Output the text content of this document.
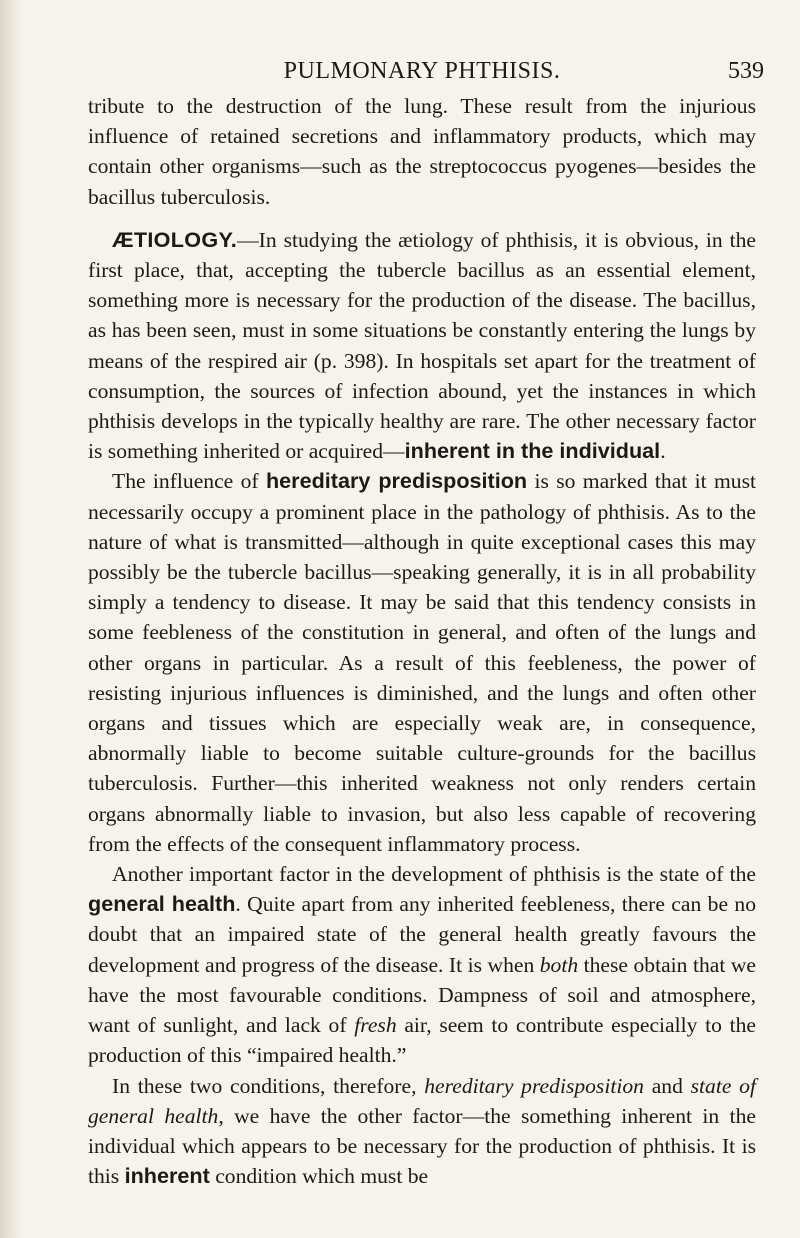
PULMONARY PHTHISIS.	539

tribute to the destruction of the lung. These result from the injurious influence of retained secretions and inflammatory products, which may contain other organisms—such as the streptococcus pyogenes—besides the bacillus tuberculosis.

ÆTIOLOGY.—In studying the ætiology of phthisis, it is obvious, in the first place, that, accepting the tubercle bacillus as an essential element, something more is necessary for the production of the disease. The bacillus, as has been seen, must in some situations be constantly entering the lungs by means of the respired air (p. 398). In hospitals set apart for the treatment of consumption, the sources of infection abound, yet the instances in which phthisis develops in the typically healthy are rare. The other necessary factor is something inherited or acquired—inherent in the individual.

The influence of hereditary predisposition is so marked that it must necessarily occupy a prominent place in the pathology of phthisis. As to the nature of what is transmitted—although in quite exceptional cases this may possibly be the tubercle bacillus—speaking generally, it is in all probability simply a tendency to disease. It may be said that this tendency consists in some feebleness of the constitution in general, and often of the lungs and other organs in particular. As a result of this feebleness, the power of resisting injurious influences is diminished, and the lungs and often other organs and tissues which are especially weak are, in consequence, abnormally liable to become suitable culture-grounds for the bacillus tuberculosis. Further—this inherited weakness not only renders certain organs abnormally liable to invasion, but also less capable of recovering from the effects of the consequent inflammatory process.

Another important factor in the development of phthisis is the state of the general health. Quite apart from any inherited feebleness, there can be no doubt that an impaired state of the general health greatly favours the development and progress of the disease. It is when both these obtain that we have the most favourable conditions. Dampness of soil and atmosphere, want of sunlight, and lack of fresh air, seem to contribute especially to the production of this “impaired health.”

In these two conditions, therefore, hereditary predisposition and state of general health, we have the other factor—the something inherent in the individual which appears to be necessary for the production of phthisis. It is this inherent condition which must be
